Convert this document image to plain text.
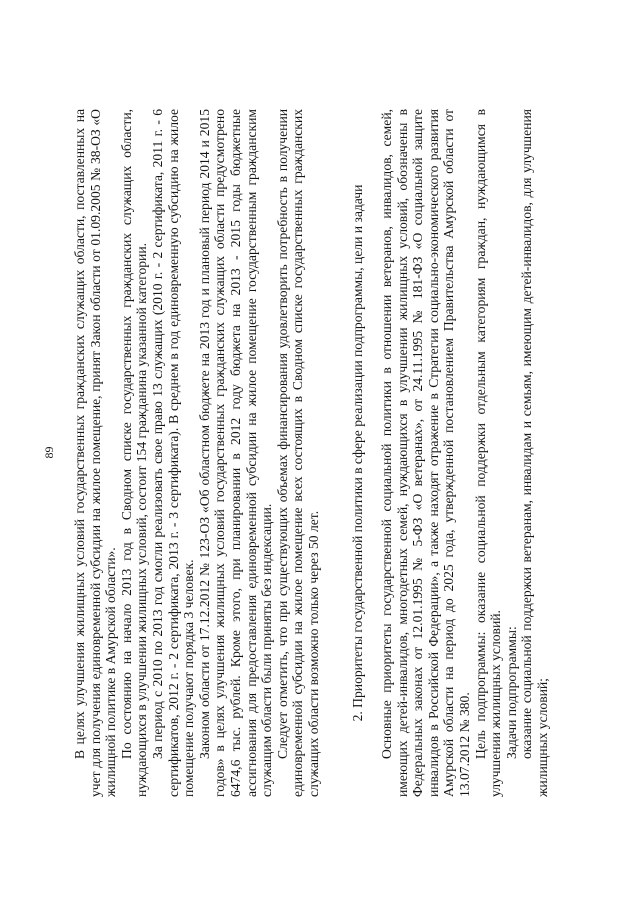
89 В целях улучшения жилищных условий государственных гражданских служащих области, поставленных на учет для получения единовременной субсидии на жилое помещение, принят Закон области от 01.09.2005 № 38-ОЗ «О жилищной политике в Амурской области». По состоянию на начало 2013 год в Сводном списке государственных гражданских служащих области, нуждающихся в улучшении жилищных условий, состоит 154 гражданина указанной категории. За период с 2010 по 2013 год смогли реализовать свое право 13 служащих (2010 г. - 2 сертификата, 2011 г. - 6 сертификатов, 2012 г. - 2 сертификата, 2013 г. - 3 сертификата). В среднем в год единовременную субсидию на жилое помещение получают порядка 3 человек. Законом области от 17.12.2012 № 123-ОЗ «Об областном бюджете на 2013 год и плановый период 2014 и 2015 годов» в целях улучшения жилищных условий государственных гражданских служащих области предусмотрено 6474,6 тыс. рублей. Кроме этого, при планировании в 2012 году бюджета на 2013 - 2015 годы бюджетные ассигнования для предоставления единовременной субсидии на жилое помещение государственным гражданским служащим области были приняты без индексации. Следует отметить, что при существующих объемах финансирования удовлетворить потребность в получении единовременной субсидии на жилое помещение всех состоящих в Сводном списке государственных гражданских служащих области возможно только через 50 лет. 2. Приоритеты государственной политики в сфере реализации подпрограммы, цели и задачи Основные приоритеты государственной социальной политики в отношении ветеранов, инвалидов, семей, имеющих детей-инвалидов, многодетных семей, нуждающихся в улучшении жилищных условий, обозначены в Федеральных законах от 12.01.1995 № 5-ФЗ «О ветеранах», от 24.11.1995 № 181-ФЗ «О социальной защите инвалидов в Российской Федерации», а также находят отражение в Стратегии социально-экономического развития Амурской области на период до 2025 года, утвержденной постановлением Правительства Амурской области от 13.07.2012 № 380. Цель подпрограммы: оказание социальной поддержки отдельным категориям граждан, нуждающимся в улучшении жилищных условий. Задачи подпрограммы: оказание социальной поддержки ветеранам, инвалидам и семьям, имеющим детей-инвалидов, для улучшения жилищных условий;
